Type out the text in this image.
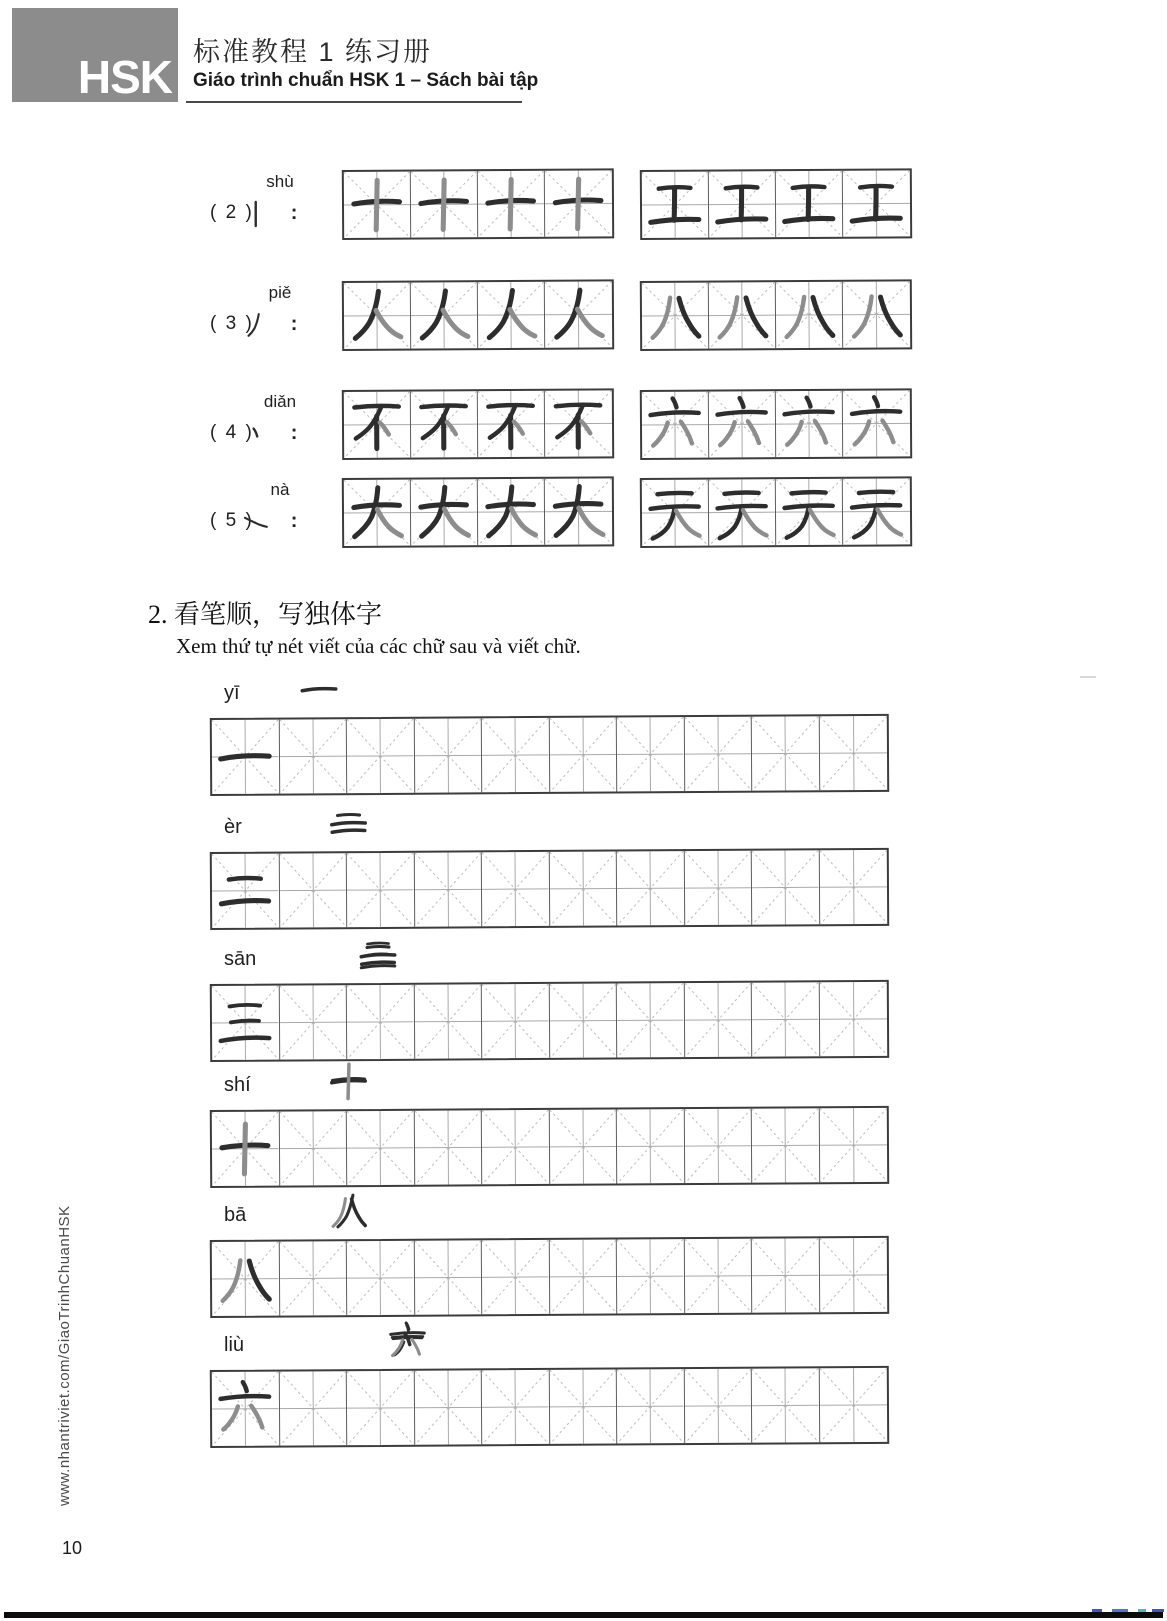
HSK 标准教程 1 练习册
Giáo trình chuẩn HSK 1 – Sách bài tập
shù
( 2 ) :
piě
( 3 ) :
diǎn
( 4 ) :
nà
( 5 ) :
2. 看笔顺，写独体字
Xem thứ tự nét viết của các chữ sau và viết chữ.
yī
èr
sān
shí
bā
liù
www.nhantriviet.com/GiaoTrinhChuanHSK
10
